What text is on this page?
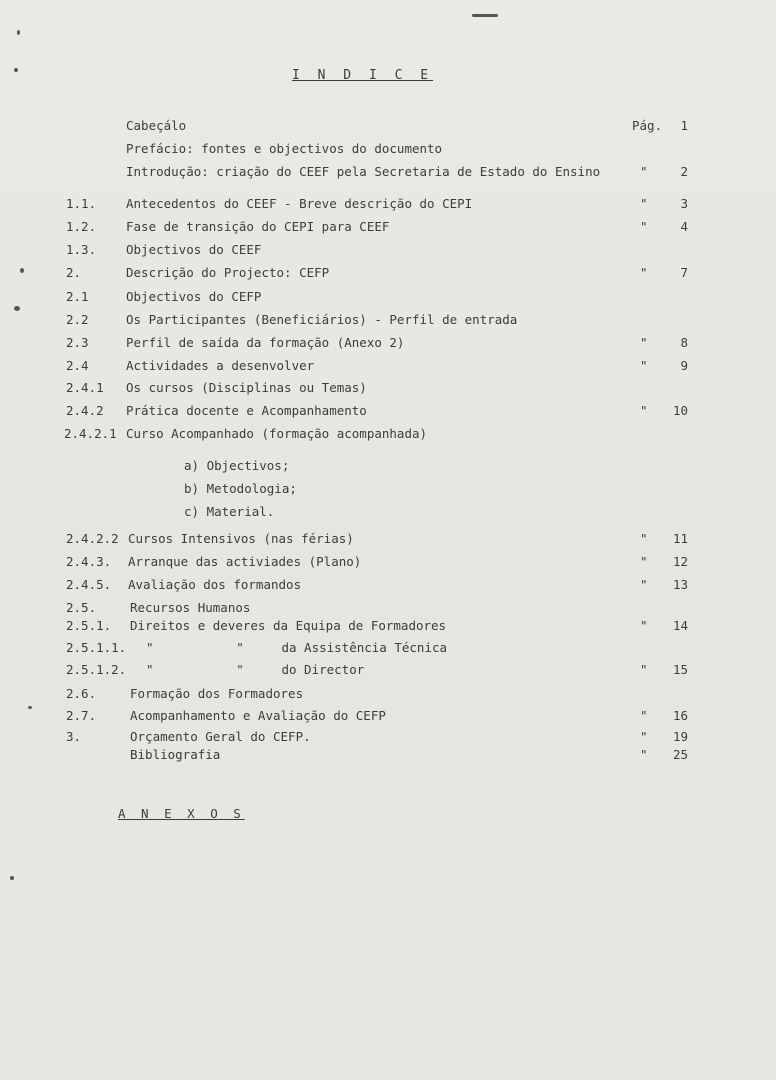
I N D I C E
Cabeçálo	Pág. 1
Prefácio: fontes e objectivos do documento
Introdução: criação do CEEF pela Secretaria de Estado do Ensino	"	2
1.1. Antecedentos do CEEF - Breve descrição do CEPI	"	3
1.2. Fase de transição do CEPI para CEEF	"	4
1.3. Objectivos do CEEF
2.	Descrição do Projecto: CEFP	"	7
2.1	Objectivos do CEFP
2.2	Os Participantes (Beneficiários) - Perfil de entrada
2.3	Perfil de saída da formação (Anexo 2)	"	8
2.4	Actividades a desenvolver	"	9
2.4.1 Os cursos (Disciplinas ou Temas)
2.4.2 Prática docente e Acompanhamento	" 10
2.4.2.1 Curso Acompanhado (formação acompanhada)
a) Objectivos;
b) Metodologia;
c) Material.
2.4.2.2 Cursos Intensivos (nas férias)	" 11
2.4.3. Arranque das activiades (Plano)	" 12
2.4.5. Avaliação dos formandos	" 13
2.5.	Recursos Humanos
2.5.1. Direitos e deveres da Equipa de Formadores	" 14
2.5.1.1. "           "     da Assistência Técnica
2.5.1.2. "           "     do Director	" 15
2.6.	Formação dos Formadores
2.7.	Acompanhamento e Avaliação do CEFP	" 16
3.	Orçamento Geral do CEFP.	" 19
Bibliografia	" 25
A N E X O S
